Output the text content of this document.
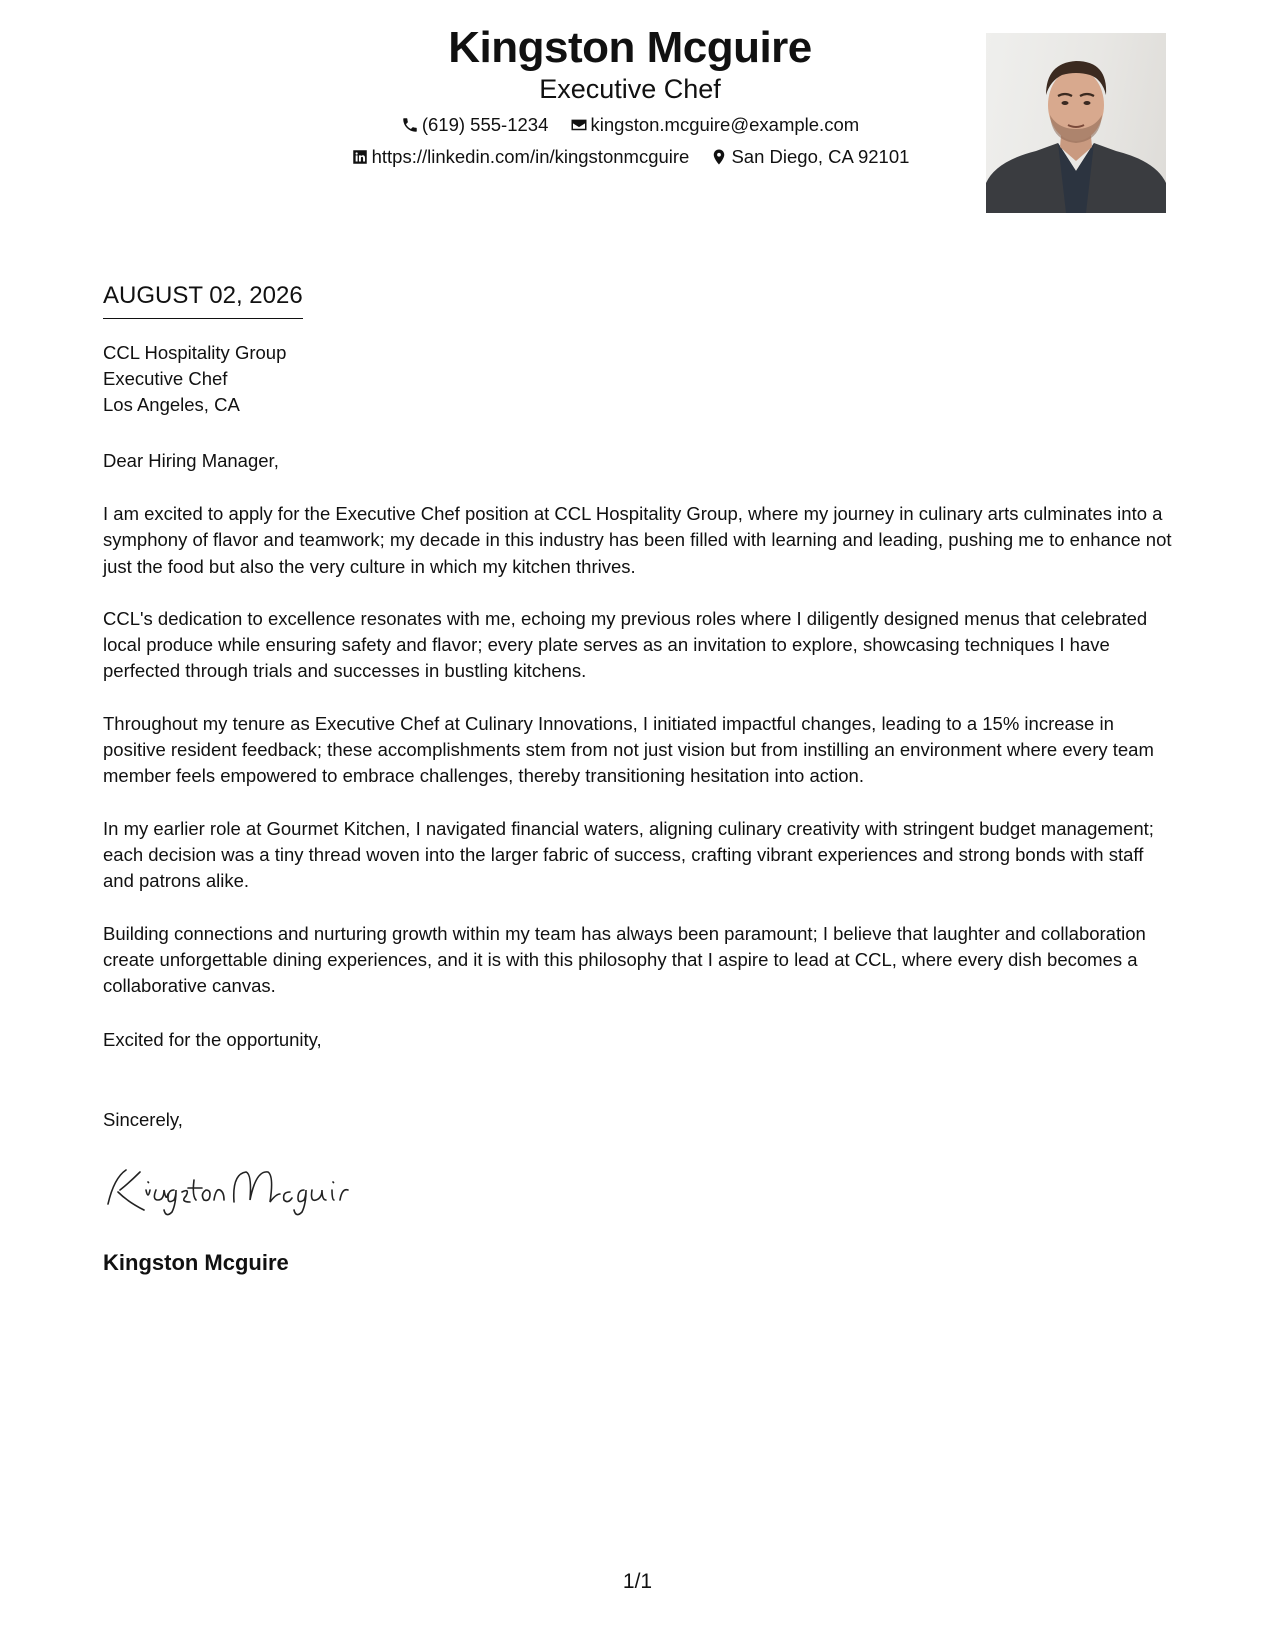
Kingston Mcguire
Executive Chef
(619) 555-1234 kingston.mcguire@example.com
https://linkedin.com/in/kingstonmcguire San Diego, CA 92101
AUGUST 02, 2026
CCL Hospitality Group
Executive Chef
Los Angeles, CA
Dear Hiring Manager,

I am excited to apply for the Executive Chef position at CCL Hospitality Group, where my journey in culinary arts culminates into a symphony of flavor and teamwork; my decade in this industry has been filled with learning and leading, pushing me to enhance not just the food but also the very culture in which my kitchen thrives.

CCL's dedication to excellence resonates with me, echoing my previous roles where I diligently designed menus that celebrated local produce while ensuring safety and flavor; every plate serves as an invitation to explore, showcasing techniques I have perfected through trials and successes in bustling kitchens.

Throughout my tenure as Executive Chef at Culinary Innovations, I initiated impactful changes, leading to a 15% increase in positive resident feedback; these accomplishments stem from not just vision but from instilling an environment where every team member feels empowered to embrace challenges, thereby transitioning hesitation into action.

In my earlier role at Gourmet Kitchen, I navigated financial waters, aligning culinary creativity with stringent budget management; each decision was a tiny thread woven into the larger fabric of success, crafting vibrant experiences and strong bonds with staff and patrons alike.

Building connections and nurturing growth within my team has always been paramount; I believe that laughter and collaboration create unforgettable dining experiences, and it is with this philosophy that I aspire to lead at CCL, where every dish becomes a collaborative canvas.

Excited for the opportunity,
Sincerely,
Kingston Mcguire
1/1
